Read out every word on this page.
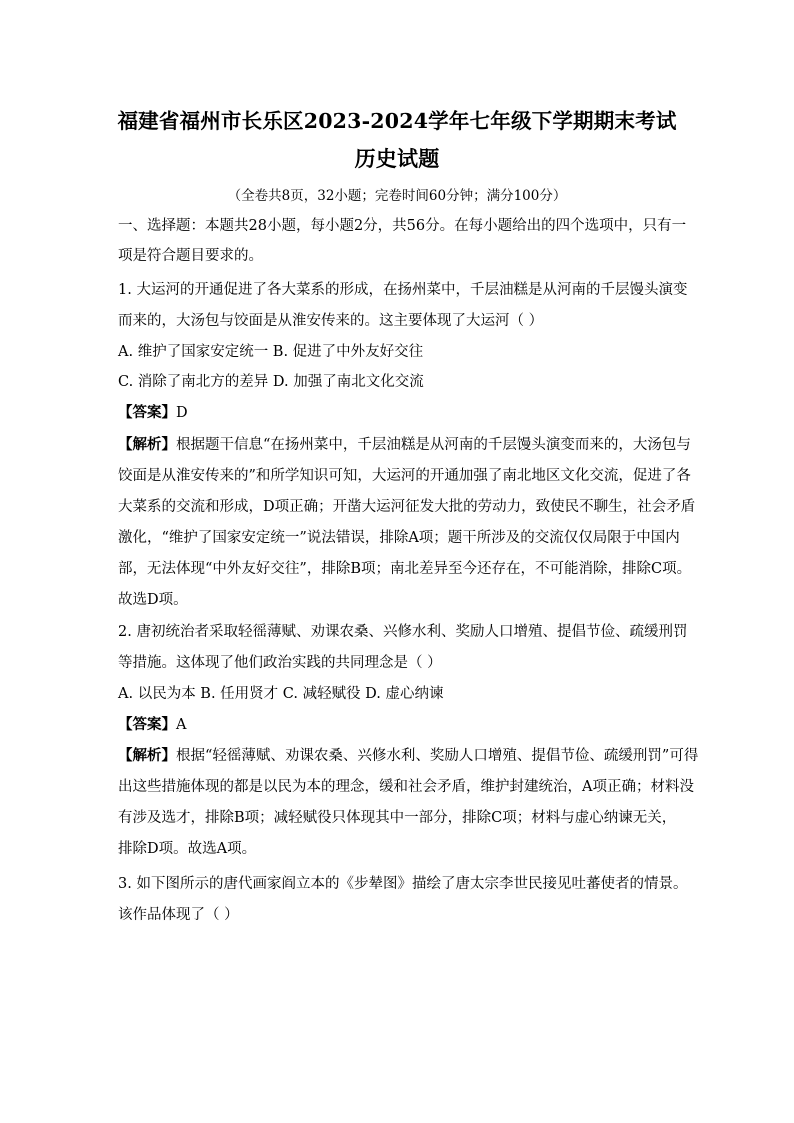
福建省福州市长乐区2023-2024学年七年级下学期期末考试
历史试题
（全卷共8页，32小题；完卷时间60分钟；满分100分）
一、选择题：本题共28小题，每小题2分，共56分。在每小题给出的四个选项中，只有一
项是符合题目要求的。
1. 大运河的开通促进了各大菜系的形成，在扬州菜中，千层油糕是从河南的千层馒头演变
而来的，大汤包与饺面是从淮安传来的。这主要体现了大运河（ ）
A. 维护了国家安定统一 B. 促进了中外友好交往
C. 消除了南北方的差异 D. 加强了南北文化交流
【答案】D
【解析】根据题干信息“在扬州菜中，千层油糕是从河南的千层馒头演变而来的，大汤包与
饺面是从淮安传来的”和所学知识可知，大运河的开通加强了南北地区文化交流，促进了各
大菜系的交流和形成，D项正确；开凿大运河征发大批的劳动力，致使民不聊生，社会矛盾
激化，“维护了国家安定统一”说法错误，排除A项；题干所涉及的交流仅仅局限于中国内
部，无法体现“中外友好交往”，排除B项；南北差异至今还存在，不可能消除，排除C项。
故选D项。
2. 唐初统治者采取轻徭薄赋、劝课农桑、兴修水利、奖励人口增殖、提倡节俭、疏缓刑罚
等措施。这体现了他们政治实践的共同理念是（ ）
A. 以民为本 B. 任用贤才 C. 减轻赋役 D. 虚心纳谏
【答案】A
【解析】根据“轻徭薄赋、劝课农桑、兴修水利、奖励人口增殖、提倡节俭、疏缓刑罚”可得
出这些措施体现的都是以民为本的理念，缓和社会矛盾，维护封建统治，A项正确；材料没
有涉及选才，排除B项；减轻赋役只体现其中一部分，排除C项；材料与虚心纳谏无关，
排除D项。故选A项。
3. 如下图所示的唐代画家阎立本的《步辇图》描绘了唐太宗李世民接见吐蕃使者的情景。
该作品体现了（ ）
